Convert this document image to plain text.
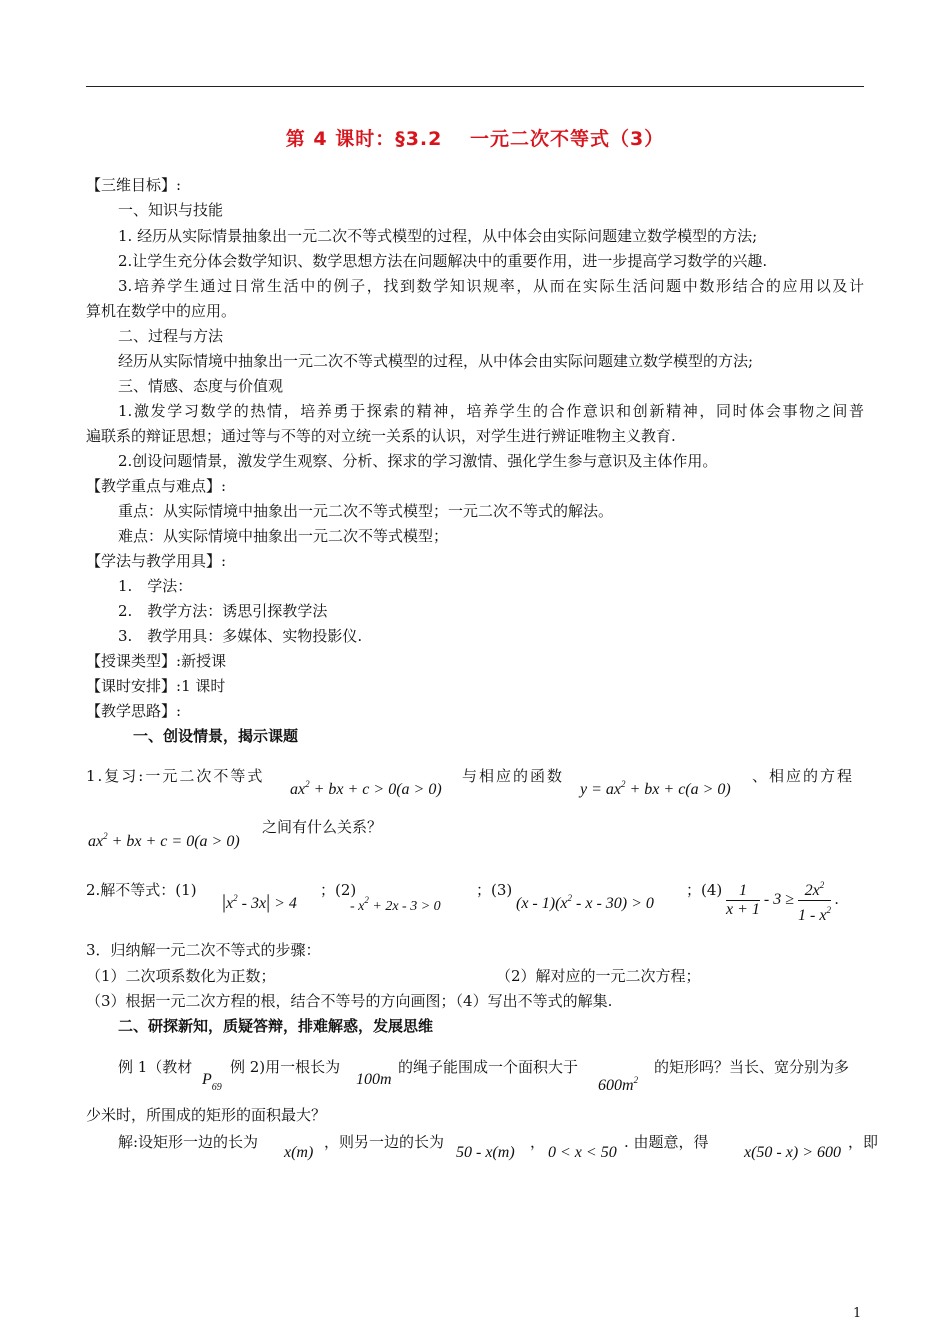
第 4 课时：§3.2　 一元二次不等式（3）
【三维目标】:
一、知识与技能
1. 经历从实际情景抽象出一元二次不等式模型的过程，从中体会由实际问题建立数学模型的方法;
2.让学生充分体会数学知识、数学思想方法在问题解决中的重要作用，进一步提高学习数学的兴趣.
3.培养学生通过日常生活中的例子，找到数学知识规率，从而在实际生活问题中数形结合的应用以及计
算机在数学中的应用。
二、过程与方法
经历从实际情境中抽象出一元二次不等式模型的过程，从中体会由实际问题建立数学模型的方法;
三、情感、态度与价值观
1.激发学习数学的热情，培养勇于探索的精神，培养学生的合作意识和创新精神，同时体会事物之间普
遍联系的辩证思想；通过等与不等的对立统一关系的认识，对学生进行辨证唯物主义教育.
2.创设问题情景，激发学生观察、分析、探求的学习激情、强化学生参与意识及主体作用。
【教学重点与难点】:
重点：从实际情境中抽象出一元二次不等式模型；一元二次不等式的解法。
难点：从实际情境中抽象出一元二次不等式模型；
【学法与教学用具】:
1.　学法：
2.　教学方法：诱思引探教学法
3.　教学用具：多媒体、实物投影仪.
【授课类型】:新授课
【课时安排】:1 课时
【教学思路】:
一、创设情景，揭示课题
1.复习:一元二次不等式
$ax^2$ + bx + c > 0(a > 0)
与相应的函数
$y = ax^2$ + bx + c(a > 0)
、相应的方程
$ax^2$ + bx + c = 0(a > 0)
之间有什么关系？
2.解不等式：(1)
$|x^2 - 3x| > 4$
；(2)
- $x^2 + 2x - 3 > 0$
；(3)
$(x - 1)(x^2 - x - 30) > 0$
；$(4) \frac{1}{x + 1} - 3 \ge \frac{2x^2}{1 - x^2}$ .
3．归纳解一元二次不等式的步骤：
（1）二次项系数化为正数；	（2）解对应的一元二次方程；
（3）根据一元二次方程的根，结合不等号的方向画图；（4）写出不等式的解集.
二、研探新知，质疑答辩，排难解惑，发展思维
例 1（教材
$P_{69}$
例 2)用一根长为
100m
的绳子能围成一个面积大于
$600m^2$
的矩形吗？当长、宽分别为多
少米时，所围成的矩形的面积最大？
解:设矩形一边的长为
x(m)
，则另一边的长为
50 - x(m)
，
0 < x < 50
. 由题意，得
x(50 - x) > 600
，即
1
